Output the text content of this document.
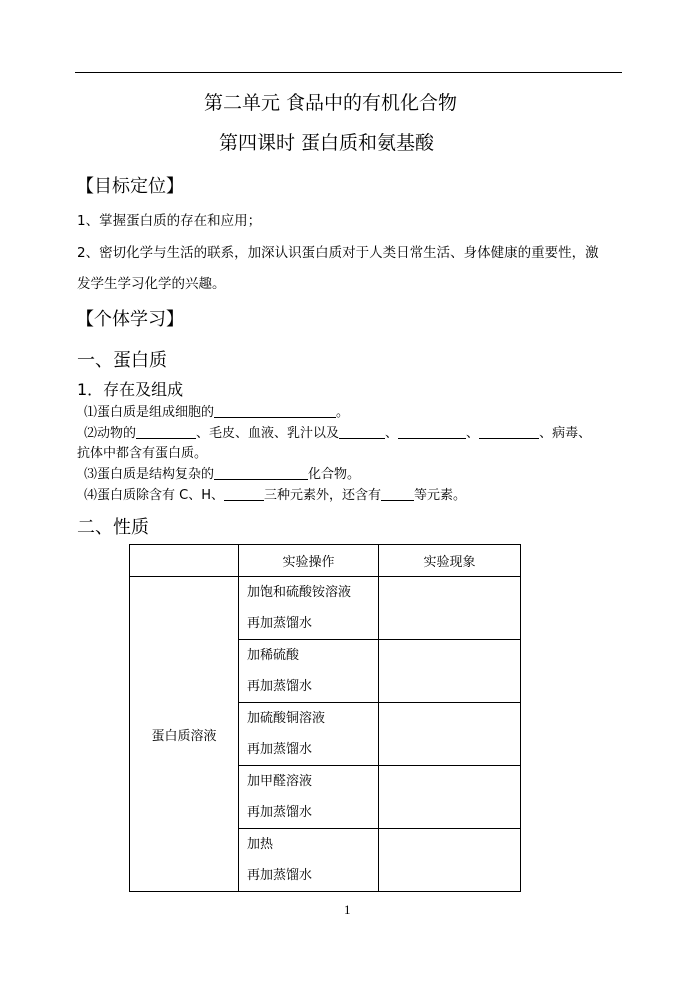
第二单元 食品中的有机化合物
第四课时 蛋白质和氨基酸
【目标定位】
1、掌握蛋白质的存在和应用；
2、密切化学与生活的联系，加深认识蛋白质对于人类日常生活、身体健康的重要性，激
发学生学习化学的兴趣。
【个体学习】
一、蛋白质
1．存在及组成
⑴蛋白质是组成细胞的	。
⑵动物的	、毛皮、血液、乳汁以及	、	、	、病毒、
抗体中都含有蛋白质。
⑶蛋白质是结构复杂的	化合物。
⑷蛋白质除含有 C、H、	三种元素外，还含有	等元素。
二、性质
	实验操作	实验现象
蛋白质溶液	加饱和硫酸铵溶液
再加蒸馏水	

	加稀硫酸
再加蒸馏水	

	加硫酸铜溶液
再加蒸馏水	

	加甲醛溶液
再加蒸馏水	

	加热
再加蒸馏水	

1
